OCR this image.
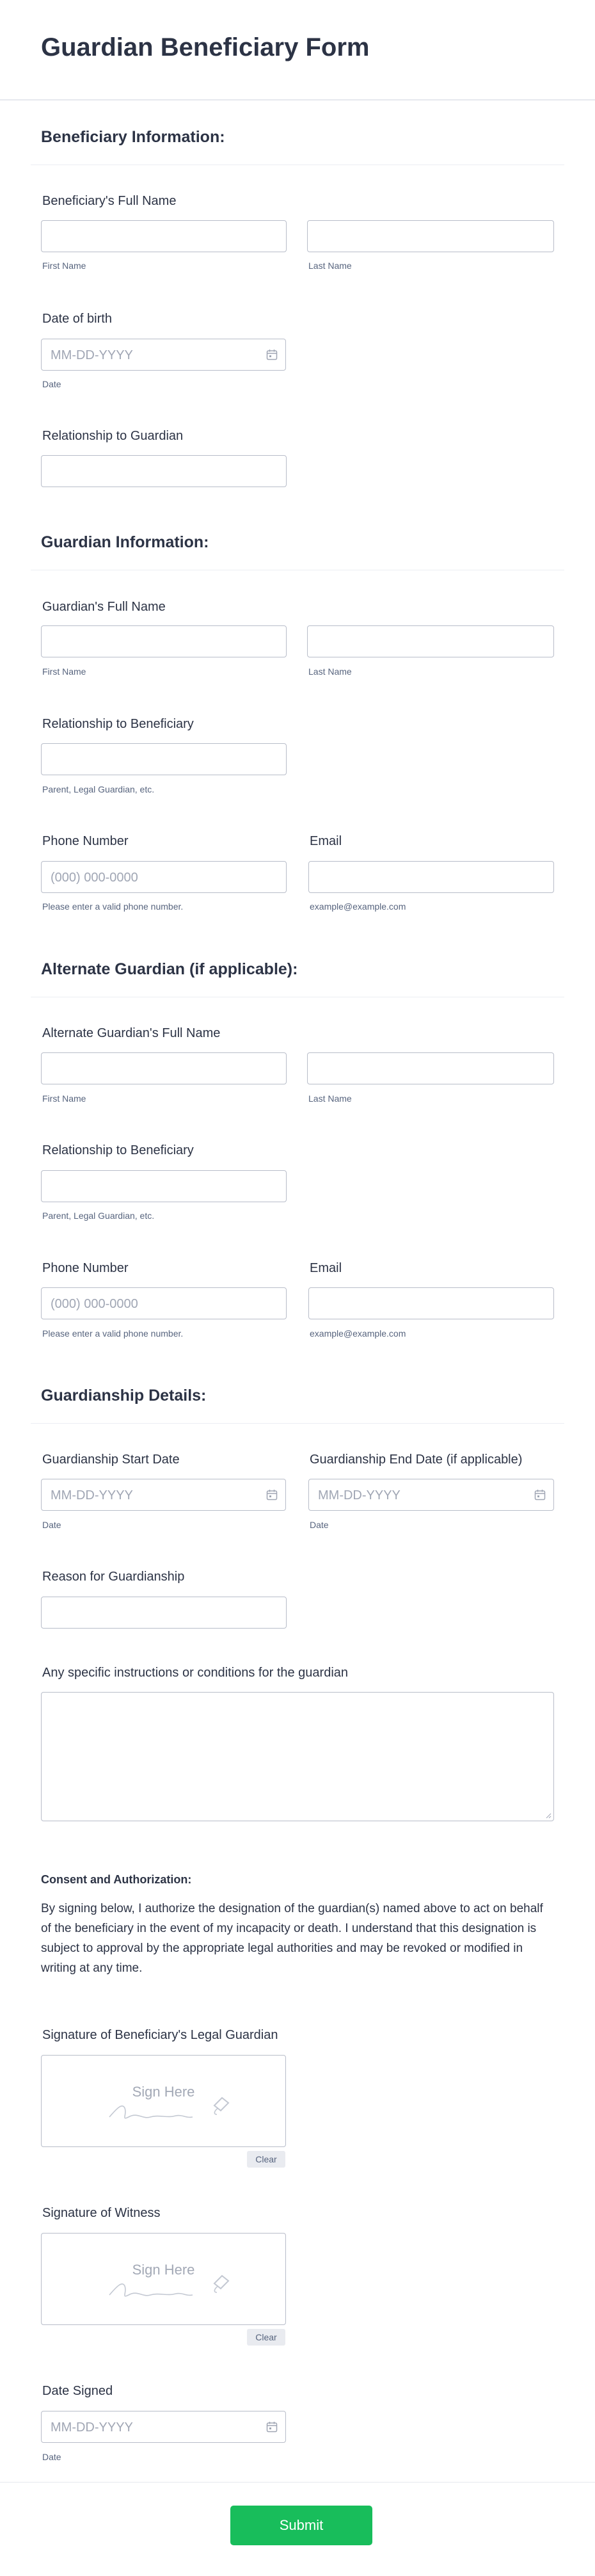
Guardian Beneficiary Form
Beneficiary Information:
Beneficiary's Full Name
First Name	Last Name
Date of birth
MM-DD-YYYY
Date
Relationship to Guardian
Guardian Information:
Guardian's Full Name
First Name	Last Name
Relationship to Beneficiary
Parent, Legal Guardian, etc.
Phone Number	Email
(000) 000-0000
Please enter a valid phone number.	example@example.com
Alternate Guardian (if applicable):
Alternate Guardian's Full Name
First Name	Last Name
Relationship to Beneficiary
Parent, Legal Guardian, etc.
Phone Number	Email
(000) 000-0000
Please enter a valid phone number.	example@example.com
Guardianship Details:
Guardianship Start Date	Guardianship End Date (if applicable)
MM-DD-YYYY	MM-DD-YYYY
Date	Date
Reason for Guardianship
Any specific instructions or conditions for the guardian
Consent and Authorization:
By signing below, I authorize the designation of the guardian(s) named above to act on behalf of the beneficiary in the event of my incapacity or death. I understand that this designation is subject to approval by the appropriate legal authorities and may be revoked or modified in writing at any time.
Signature of Beneficiary's Legal Guardian
Sign Here
Clear
Signature of Witness
Sign Here
Clear
Date Signed
MM-DD-YYYY
Date
Submit
